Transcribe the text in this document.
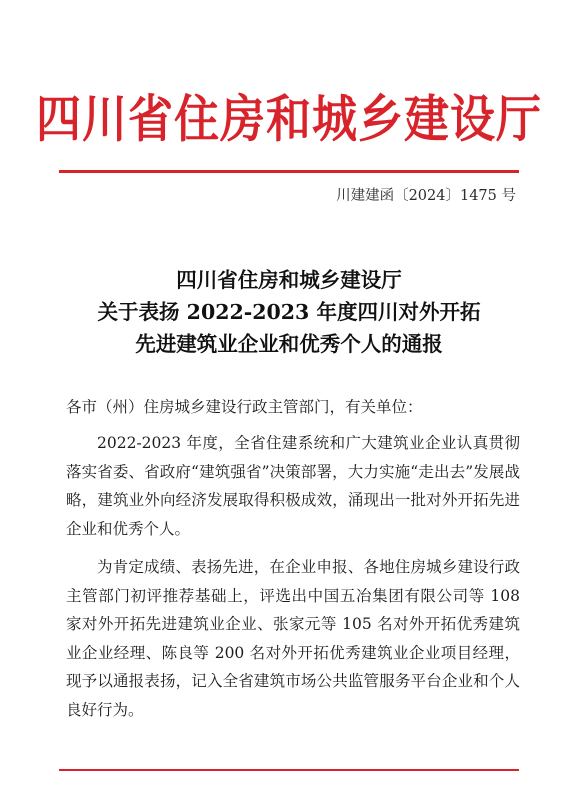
四川省住房和城乡建设厅
川建建函〔2024〕1475 号
四川省住房和城乡建设厅
关于表扬 2022-2023 年度四川对外开拓
先进建筑业企业和优秀个人的通报
各市（州）住房城乡建设行政主管部门，有关单位：

2022-2023 年度，全省住建系统和广大建筑业企业认真贯彻落实省委、省政府“建筑强省”决策部署，大力实施“走出去”发展战略，建筑业外向经济发展取得积极成效，涌现出一批对外开拓先进企业和优秀个人。

为肯定成绩、表扬先进，在企业申报、各地住房城乡建设行政主管部门初评推荐基础上，评选出中国五冶集团有限公司等 108 家对外开拓先进建筑业企业、张家元等 105 名对外开拓优秀建筑业企业经理、陈良等 200 名对外开拓优秀建筑业企业项目经理，现予以通报表扬，记入全省建筑市场公共监管服务平台企业和个人良好行为。
